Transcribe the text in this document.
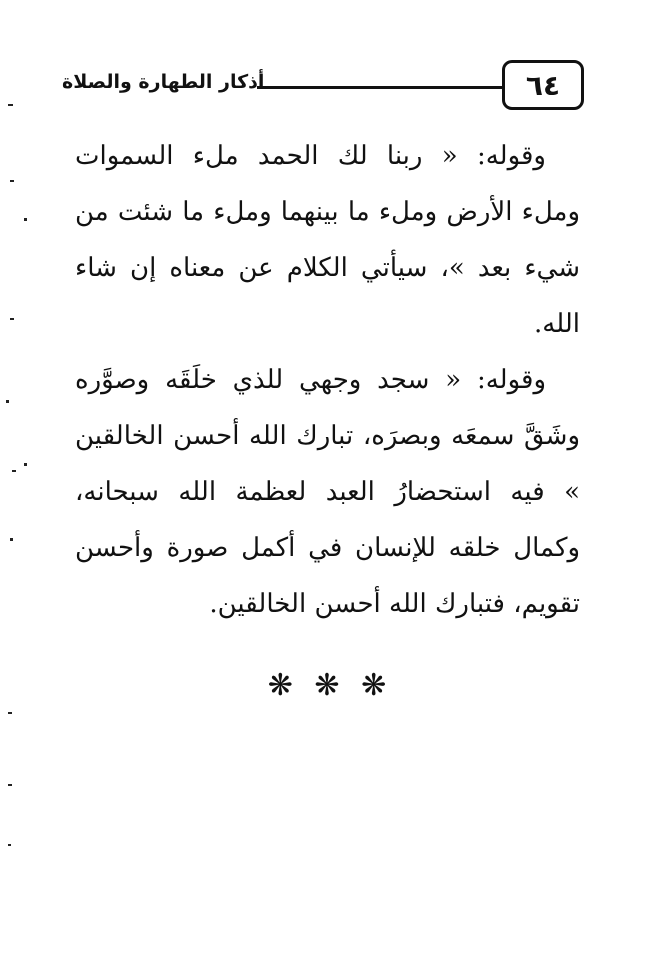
أذكار الطهارة والصلاة	٦٤

وقوله: « ربنا لك الحمد ملء السموات وملء الأرض وملء ما بينهما وملء ما شئت من شيء بعد »، سيأتي الكلام عن معناه إن شاء الله.

وقوله: « سجد وجهي للذي خلَقَه وصوَّره وشَقَّ سمعَه وبصرَه، تبارك الله أحسن الخالقين » فيه استحضارُ العبد لعظمة الله سبحانه، وكمال خلقه للإنسان في أكمل صورة وأحسن تقويم، فتبارك الله أحسن الخالقين.

❋ ❋ ❋
